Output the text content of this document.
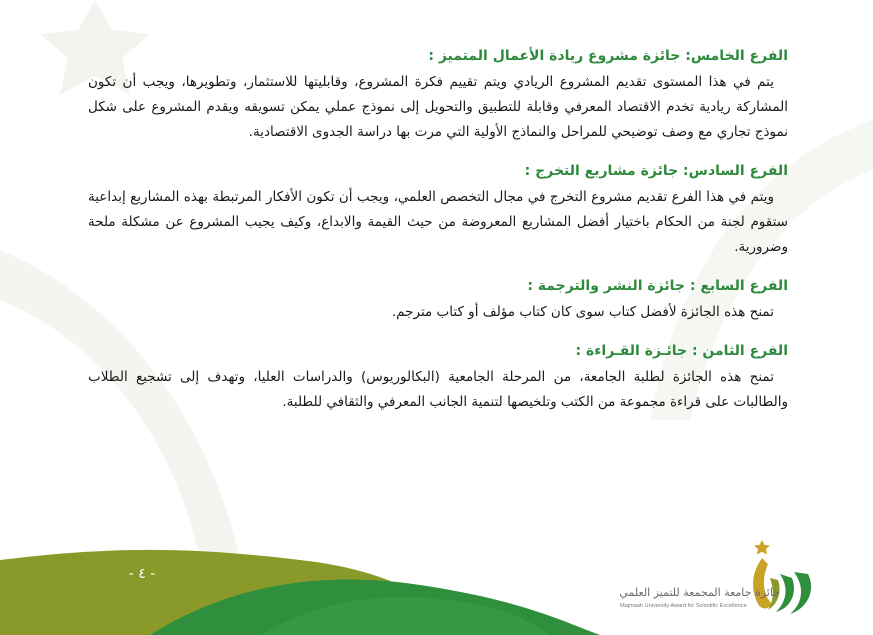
الفرع الخامس: جائزة مشروع ريادة الأعمال المتميز :

يتم في هذا المستوى تقديم المشروع الريادي ويتم تقييم فكرة المشروع، وقابليتها للاستثمار، وتطويرها، ويجب أن تكون المشاركة ريادية تخدم الاقتصاد المعرفي وقابلة للتطبيق والتحويل إلى نموذج عملي يمكن تسويقه ويقدم المشروع على شكل نموذج تجاري مع وصف توضيحي للمراحل والنماذج الأولية التي مرت بها دراسة الجدوى الاقتصادية.

الفرع السادس: جائزة مشاريع التخرج :

ويتم في هذا الفرع تقديم مشروع التخرج في مجال التخصص العلمي، ويجب أن تكون الأفكار المرتبطة بهذه المشاريع إبداعية ستقوم لجنة من الحكام باختيار أفضل المشاريع المعروضة من حيث القيمة والابداع، وكيف يجيب المشروع عن مشكلة ملحة وضرورية.

الفرع السابع : جائزة النشر والترجمة :

تمنح هذه الجائزة لأفضل كتاب سوى كان كتاب مؤلف أو كتاب مترجم.

الفرع الثامن : جائـزة القـراءة :

تمنح هذه الجائزة لطلبة الجامعة، من المرحلة الجامعية (البكالوريوس) والدراسات العليا، وتهدف إلى تشجيع الطلاب والطالبات على قراءة مجموعة من الكتب وتلخيصها لتنمية الجانب المعرفي والثقافي للطلبة.

- ٤ -
جائزة جامعة المجمعة للتميز العلمي
Majmaah University Award for Scientific Excellence
